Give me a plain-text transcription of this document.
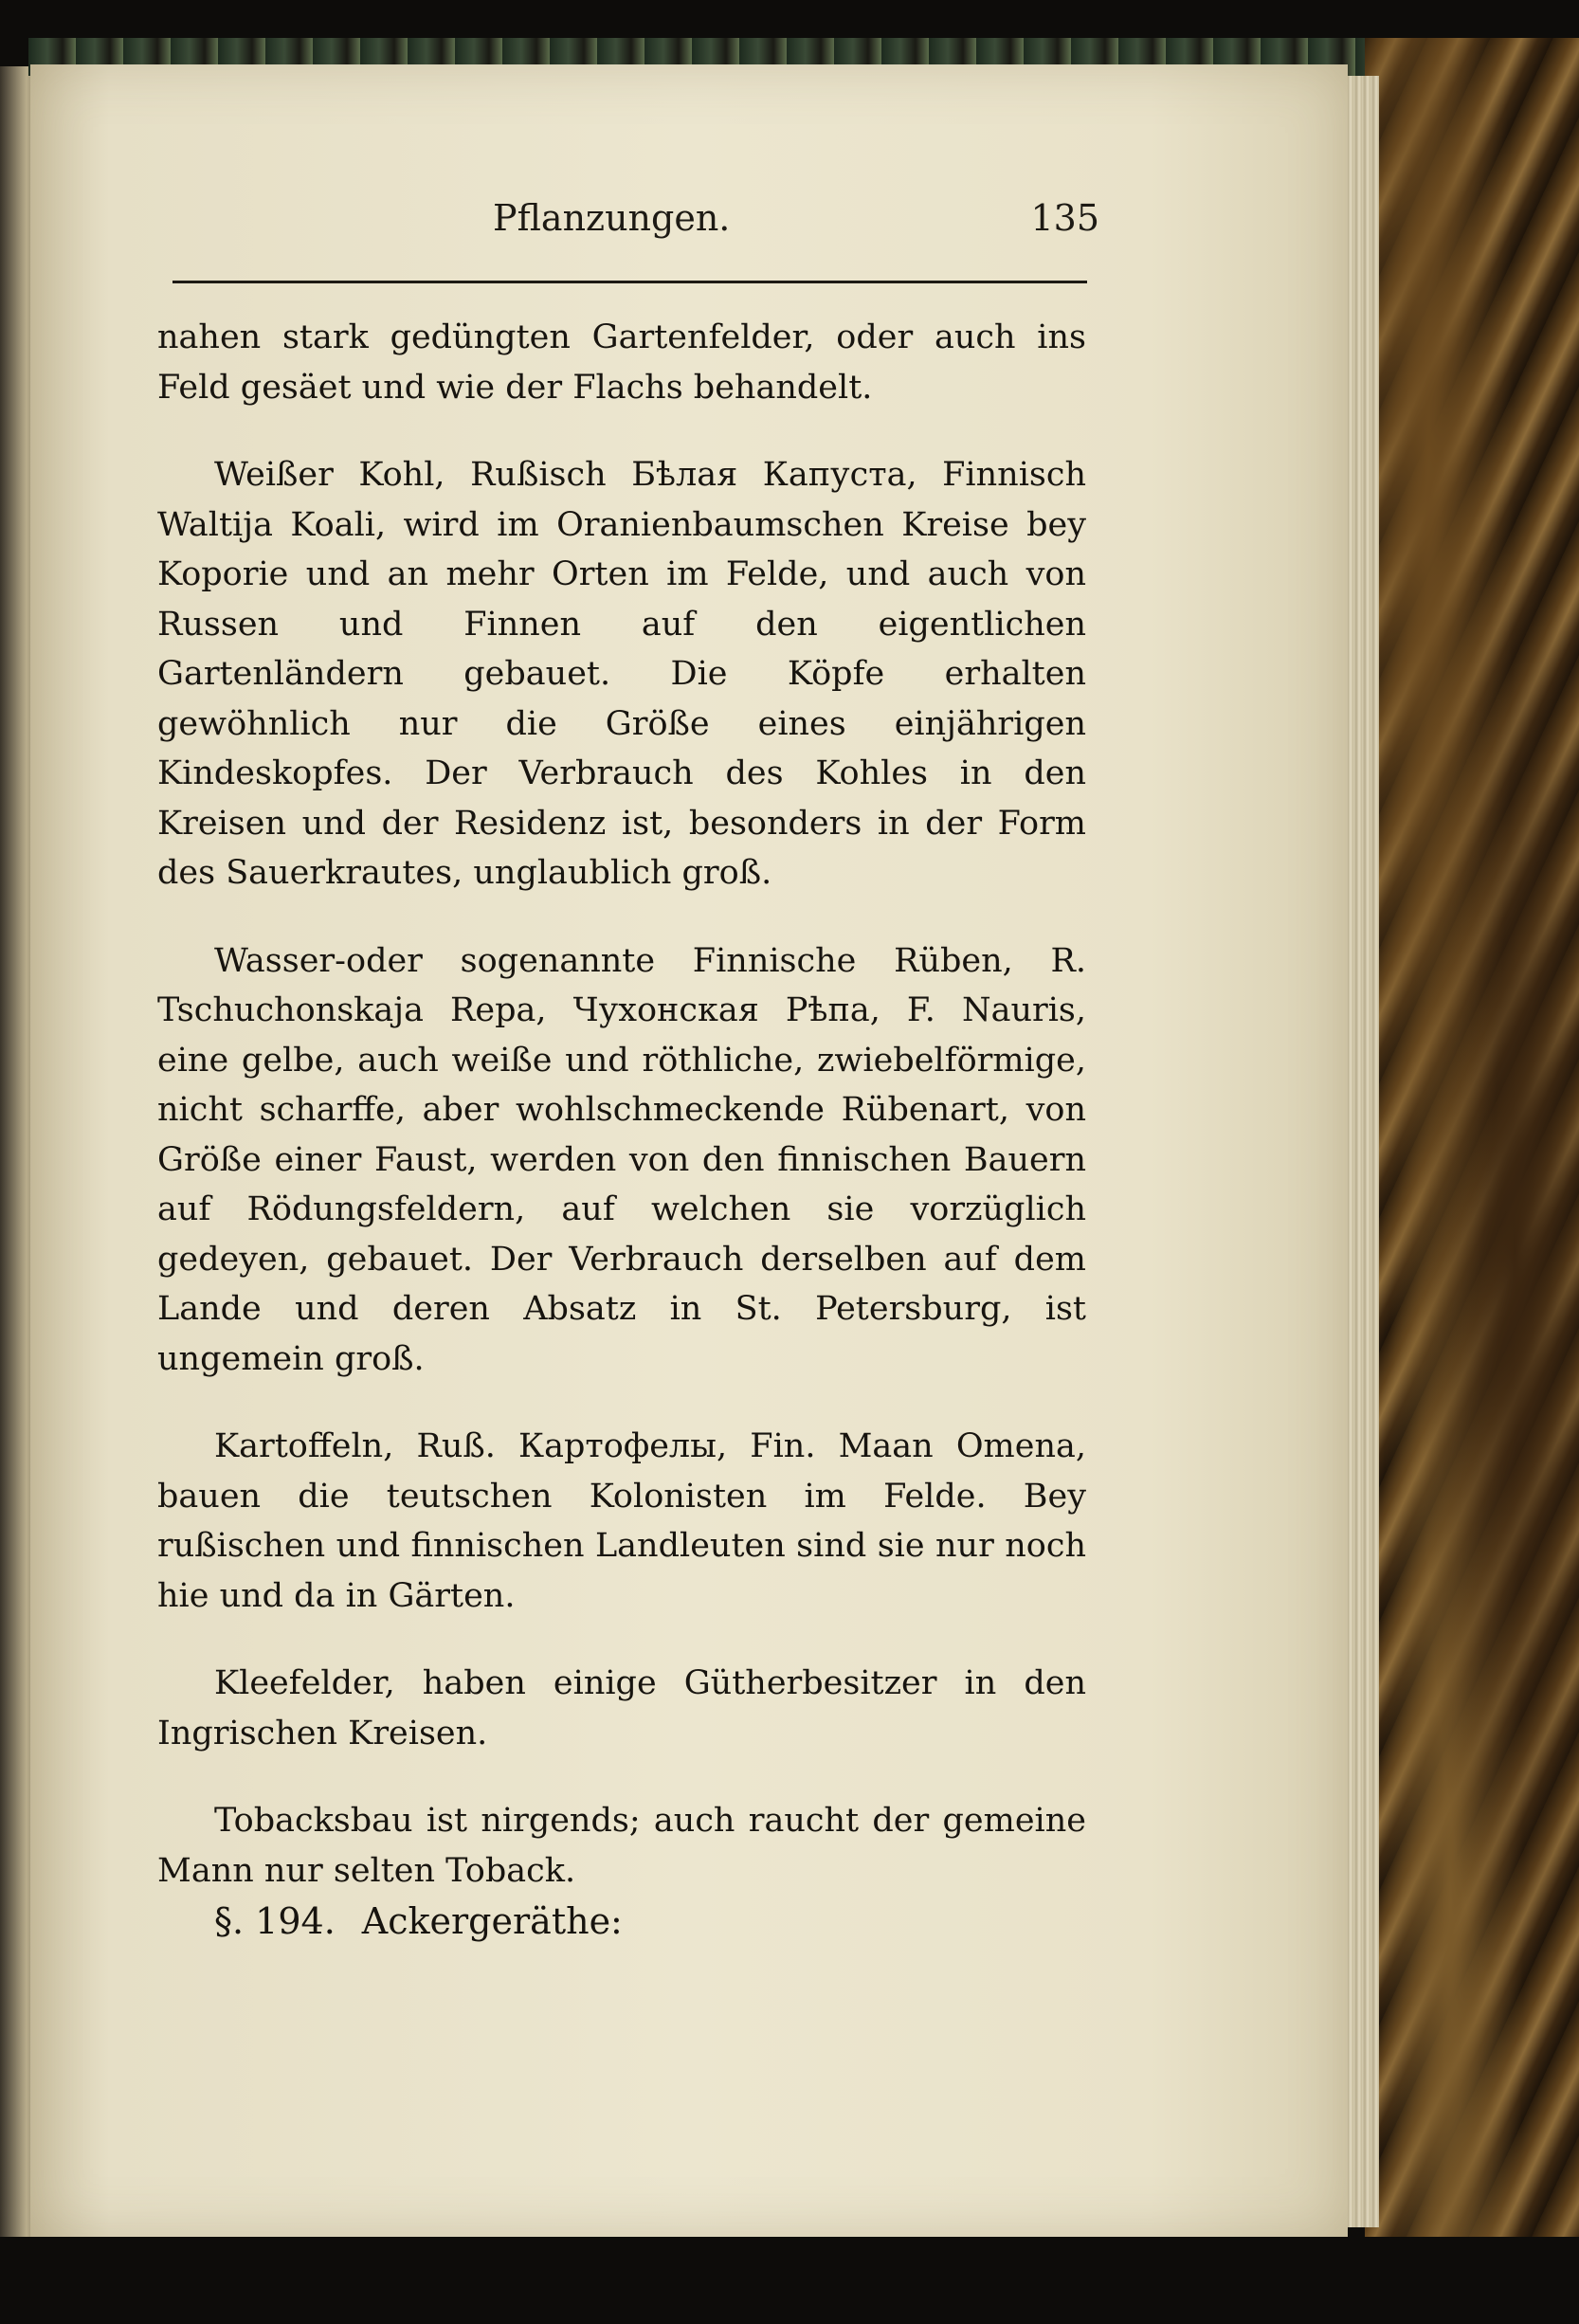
Pflanzungen.	135

nahen stark gedüngten Gartenfelder, oder auch ins Feld gesäet und wie der Flachs behandelt.

Weißer Kohl, Rußisch Бѣлая Капуста, Finnisch Waltija Koali, wird im Oranienbaumschen Kreise bey Koporie und an mehr Orten im Felde, und auch von Russen und Finnen auf den eigentlichen Gartenländern gebauet. Die Köpfe erhalten gewöhnlich nur die Größe eines einjährigen Kindeskopfes. Der Verbrauch des Kohles in den Kreisen und der Residenz ist, besonders in der Form des Sauerkrautes, unglaublich groß.

Wasser-oder sogenannte Finnische Rüben, R. Tschuchonskaja Repa, Чухонская Рѣпа, F. Nauris, eine gelbe, auch weiße und röthliche, zwiebelförmige, nicht scharffe, aber wohlschmeckende Rübenart, von Größe einer Faust, werden von den finnischen Bauern auf Rödungsfeldern, auf welchen sie vorzüglich gedeyen, gebauet. Der Verbrauch derselben auf dem Lande und deren Absatz in St. Petersburg, ist ungemein groß.

Kartoffeln, Ruß. Картофелы, Fin. Maan Omena, bauen die teutschen Kolonisten im Felde. Bey rußischen und finnischen Landleuten sind sie nur noch hie und da in Gärten.

Kleefelder, haben einige Gütherbesitzer in den Ingrischen Kreisen.

Tobacksbau ist nirgends; auch raucht der gemeine Mann nur selten Toback.

§. 194. Ackergeräthe:
